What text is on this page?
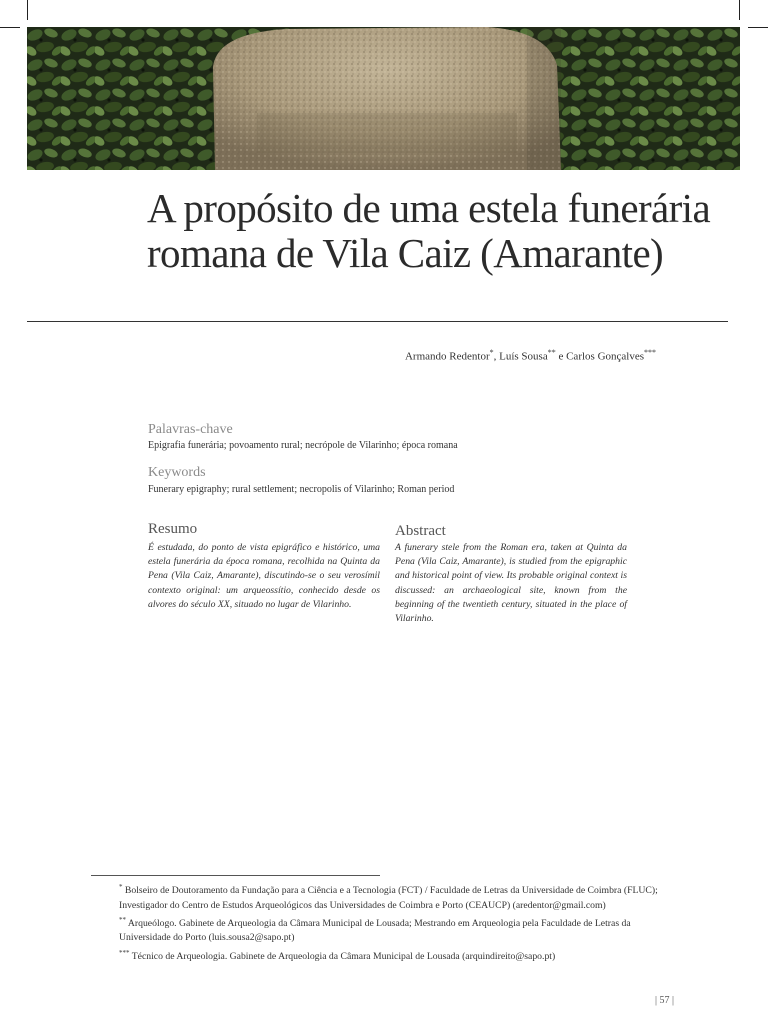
A propósito de uma estela funerária romana de Vila Caiz (Amarante)
Armando Redentor*, Luís Sousa** e Carlos Gonçalves***
Palavras-chave
Epigrafia funerária; povoamento rural; necrópole de Vilarinho; época romana
Keywords
Funerary epigraphy; rural settlement; necropolis of Vilarinho; Roman period
Resumo

É estudada, do ponto de vista epigráfico e histórico, uma estela funerária da época romana, recolhida na Quinta da Pena (Vila Caiz, Amarante), discutindo-se o seu verosímil contexto original: um arqueossítio, conhecido desde os alvores do século XX, situado no lugar de Vilarinho.

Abstract

A funerary stele from the Roman era, taken at Quinta da Pena (Vila Caiz, Amarante), is studied from the epigraphic and historical point of view. Its probable original context is discussed: an archaeological site, known from the beginning of the twentieth century, situated in the place of Vilarinho.

* Bolseiro de Doutoramento da Fundação para a Ciência e a Tecnologia (FCT) / Faculdade de Letras da Universidade de Coimbra (FLUC); Investigador do Centro de Estudos Arqueológicos das Universidades de Coimbra e Porto (CEAUCP) (aredentor@gmail.com)

** Arqueólogo. Gabinete de Arqueologia da Câmara Municipal de Lousada; Mestrando em Arqueologia pela Faculdade de Letras da Universidade do Porto (luis.sousa2@sapo.pt)

*** Técnico de Arqueologia. Gabinete de Arqueologia da Câmara Municipal de Lousada (arquindireito@sapo.pt)

| 57 |
